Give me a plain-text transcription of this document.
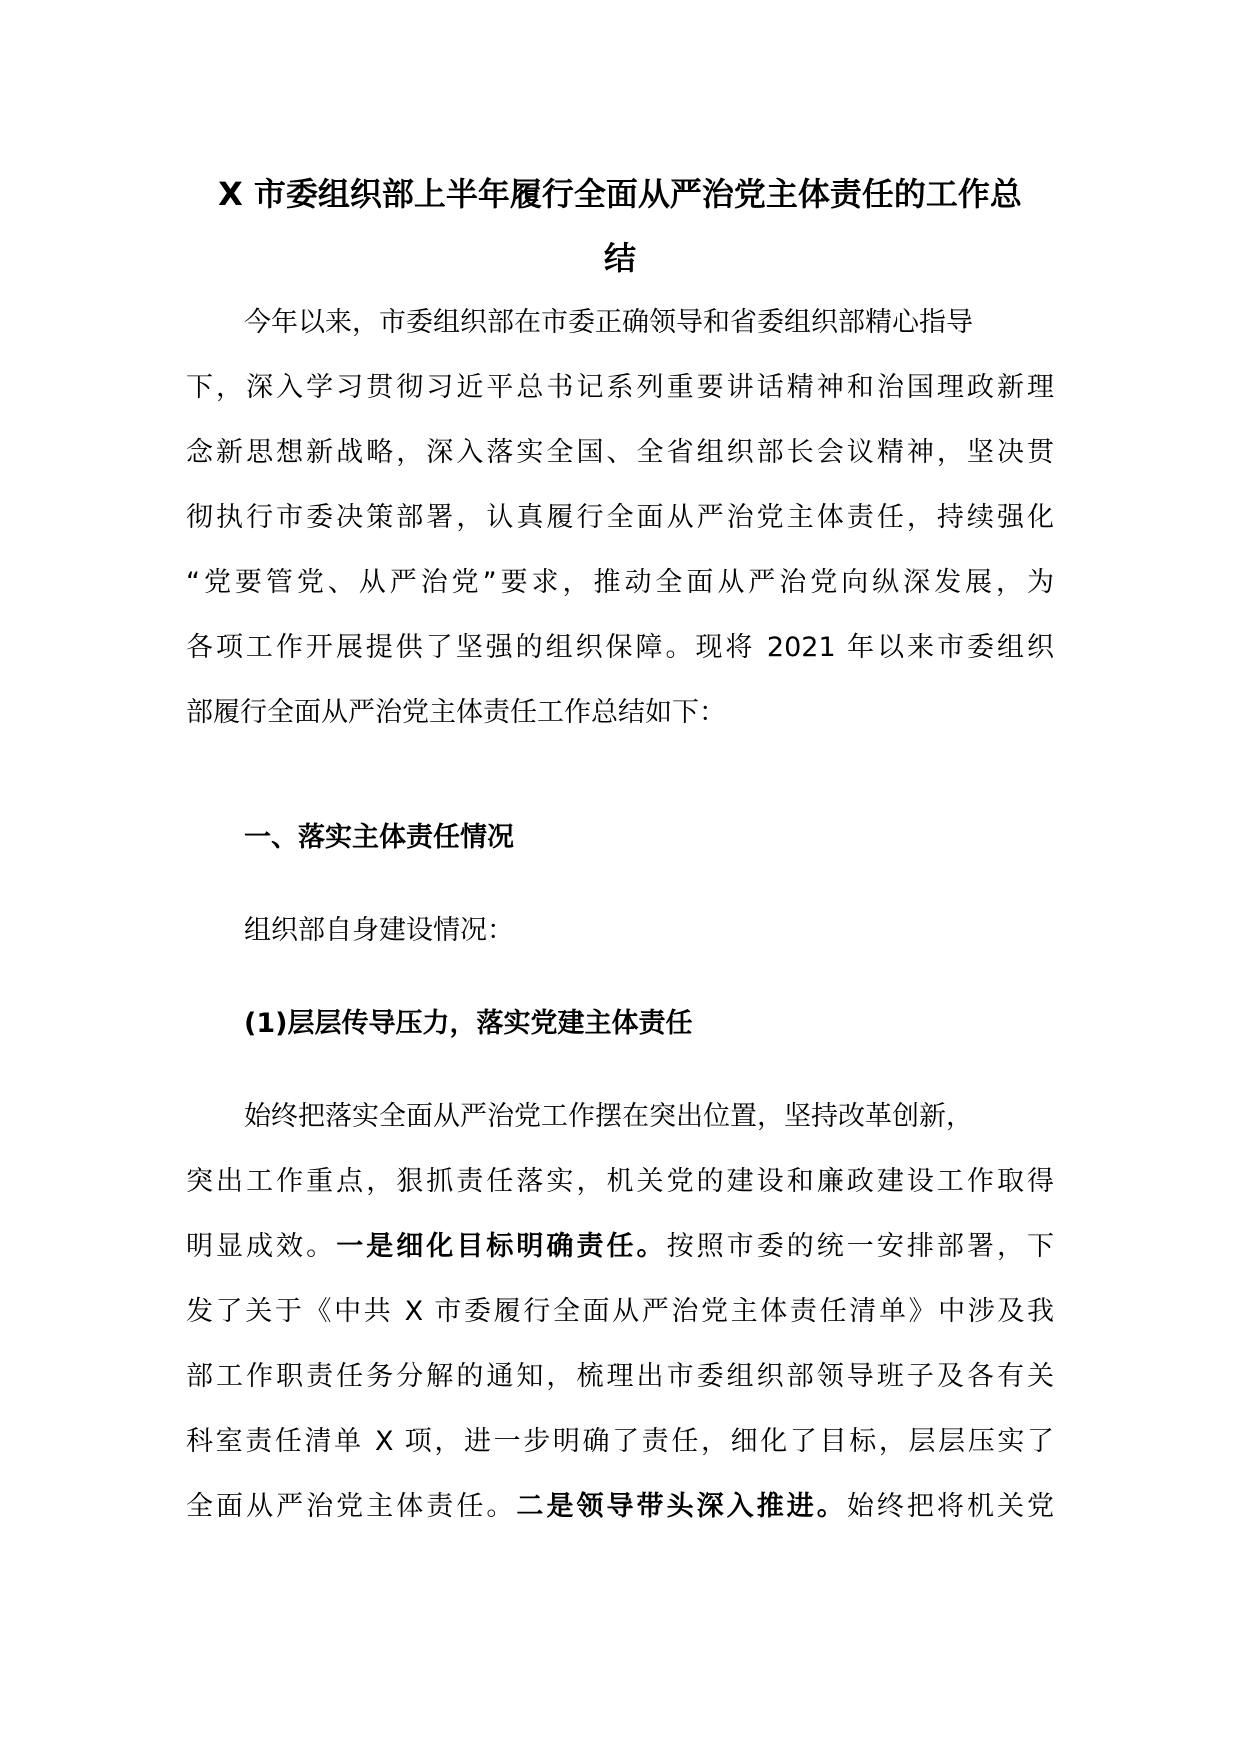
X 市委组织部上半年履行全面从严治党主体责任的工作总
结
今年以来，市委组织部在市委正确领导和省委组织部精心指导
下，深入学习贯彻习近平总书记系列重要讲话精神和治国理政新理
念新思想新战略，深入落实全国、全省组织部长会议精神，坚决贯
彻执行市委决策部署，认真履行全面从严治党主体责任，持续强化
“党要管党、从严治党”要求，推动全面从严治党向纵深发展，为
各项工作开展提供了坚强的组织保障。现将 2021 年以来市委组织
部履行全面从严治党主体责任工作总结如下：
一、落实主体责任情况

组织部自身建设情况：

(1)层层传导压力，落实党建主体责任
始终把落实全面从严治党工作摆在突出位置，坚持改革创新，
突出工作重点，狠抓责任落实，机关党的建设和廉政建设工作取得
明显成效。一是细化目标明确责任。按照市委的统一安排部署，下
发了关于《中共 X 市委履行全面从严治党主体责任清单》中涉及我
部工作职责任务分解的通知，梳理出市委组织部领导班子及各有关
科室责任清单 X 项，进一步明确了责任，细化了目标，层层压实了
全面从严治党主体责任。二是领导带头深入推进。始终把将机关党
